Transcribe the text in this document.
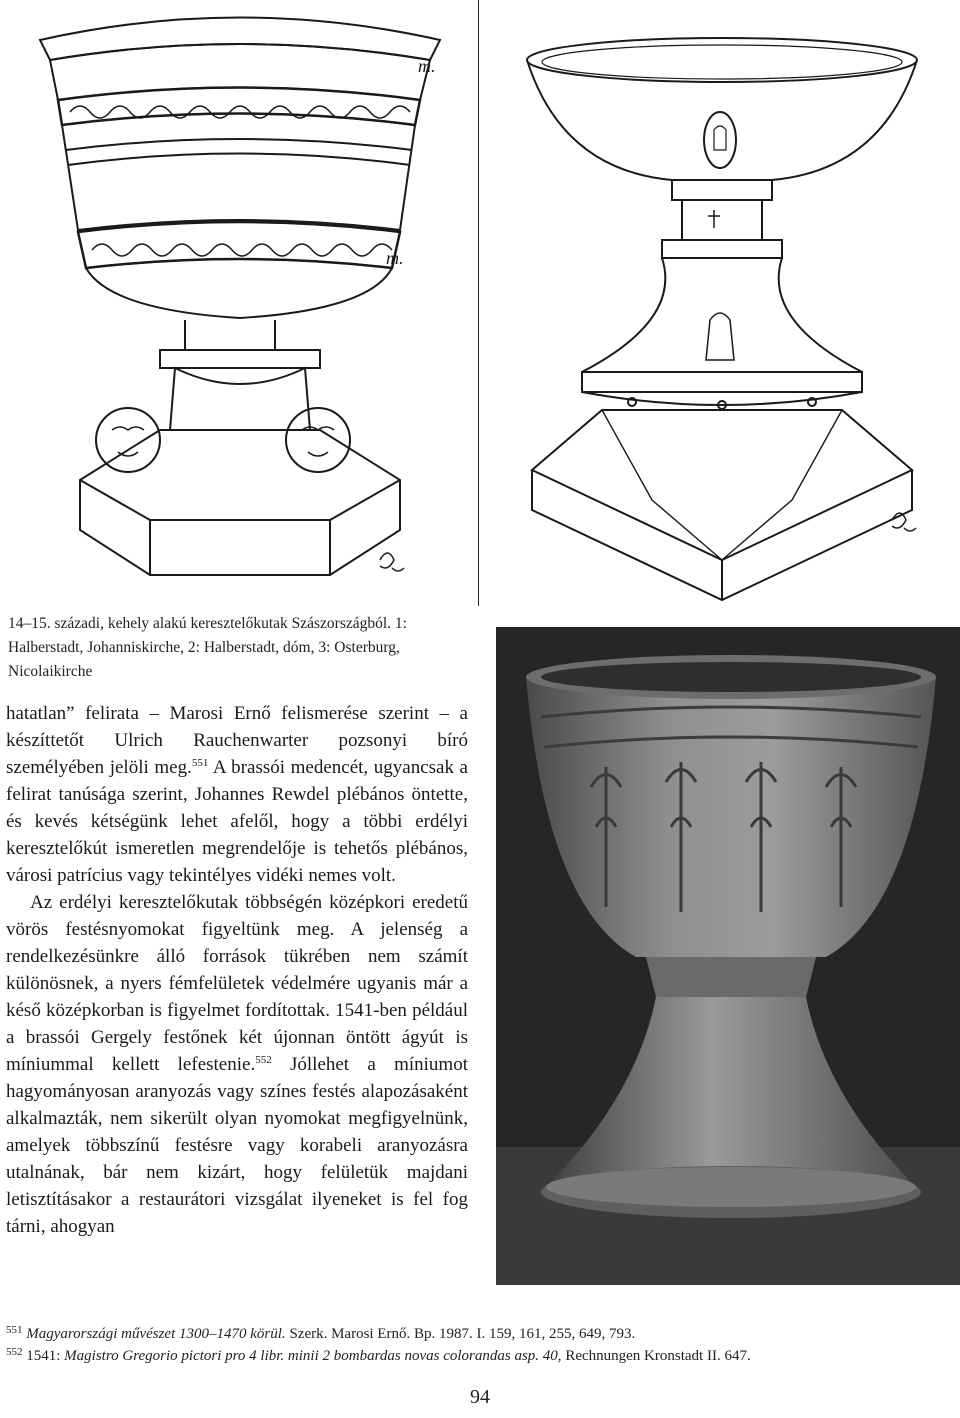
m.
m.

14–15. századi, kehely alakú keresztelőkutak Szászországból. 1: Halberstadt, Johanniskirche, 2: Halberstadt, dóm, 3: Osterburg, Nicolaikirche

hatatlan” felirata – Marosi Ernő felismerése szerint – a készíttetőt Ulrich Rauchenwarter pozsonyi bíró személyében jelöli meg.$^{551}$ A brassói medencét, ugyancsak a felirat tanúsága szerint, Johannes Rewdel plébános öntette, és kevés kétségünk lehet afelől, hogy a többi erdélyi keresztelőkút ismeretlen megrendelője is tehetős plébános, városi patrícius vagy tekintélyes vidéki nemes volt.
Az erdélyi keresztelőkutak többségén középkori eredetű vörös festésnyomokat figyeltünk meg. A jelenség a rendelkezésünkre álló források tükrében nem számít különösnek, a nyers fémfelületek védelmére ugyanis már a késő középkorban is figyelmet fordítottak. 1541-ben például a brassói Gergely festőnek két újonnan öntött ágyút is míniummal kellett lefestenie.$^{552}$ Jóllehet a míniumot hagyományosan aranyozás vagy színes festés alapozásaként alkalmazták, nem sikerült olyan nyomokat megfigyelnünk, amelyek többszínű festésre vagy korabeli aranyozásra utalnának, bár nem kizárt, hogy felületük majdani letisztításakor a restaurátori vizsgálat ilyeneket is fel fog tárni, ahogyan

$^{551}$ Magyarországi művészet 1300–1470 körül. Szerk. Marosi Ernő. Bp. 1987. I. 159, 161, 255, 649, 793.

$^{552}$ 1541: Magistro Gregorio pictori pro 4 libr. minii 2 bombardas novas colorandas asp. 40, Rechnungen Kronstadt II. 647.

94
